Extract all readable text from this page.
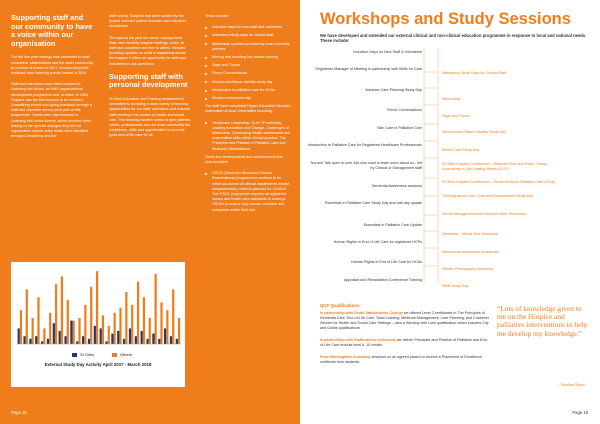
Supporting staff and our community to have a voice within our organisation

Our full five-year strategy was presented to staff, volunteers, stakeholders and the wider community at a series of events in 2017, incorporating their feedback from listening events hosted in 2016.

Staff and volunteers have been involved in Listening into Action, an NHS organisational development programme tool, in which St Giles Hospice was the first hospice to be involved. Crowdfiring events and giving feedback through a staff and volunteer survey were part of this programme. Teams were also involved in Listening into Action events, which involved them asking on the specific changes they felt the organisation should make which were identified through Crowdfiring and the

staff survey. Subjects that were tackled by the project included patient boredom and volunteer recruitment.

Throughout the year the senior management team held monthly hospice briefings, which all staff and volunteers are free to attend. Besides providing updates on what is happening across the hospice it offers an opportunity for staff and volunteers to ask questions.

Supporting staff with personal development

St Giles Education and Training department is committed to providing a wide variety of learning opportunities for our staff, volunteers and external staff working in all sectors of health and social care. This learning weather seeks to give patients, carers, professionals and our local community the confidence, skills and opportunities to promote good end of life care for all.

These include:

Induction days for new staff and volunteers
Mandatory study days for clinical staff
Mentorship updates provided by local university partners
Moving and handling key worker training
Sage and Thyme
Fierce Conversations
Wound care/tissue viability study day
Introduction to palliative care for HCAs
Student enrichment day

Our staff have completed Higher Education Modules undertaken at local Universities including:

Healthcare Leadership, SLAP (Frontline(s) Leading Innovation and Change, Challenges of Mentorship, Developing Health assessment and examination skills within clinical practice, The Principles and Practice of Palliative Care and Research Dissertations.

Some key developments and achievements this year included:

OSCE (Observed Structured Clinical Examinations) programmes continue to be rolled out across all clinical departments except complementary, which is planned for 2018/19. The OSCE programme requires all registered nurses and health care assistants to undergo OSCEs to ensure they remain confident and competent within their role.
St Giles	Others
External Study Day Activity April 2017 - March 2018
Page 18
Workshops and Study Sessions
We have developed and extended our external clinical and non-clinical education programme in response to local and national needs. These include:
Induction Days for New Staff & Volunteers
Registered Manager of Meeting in partnership with Skills for Care
Advance Care Planning Study Day
Fierce Conversations
Skin Care in Palliative Care
Introduction to Palliative Care for Registered Healthcare Professionals
Tea and Talk open to over-16s who want to learn more about us - led by Clinical or Management staff
Dementia Awareness sessions
Essentials in Palliative Care Study Day and half-day update
Essentials in Palliative Care Update
Human Rights in End of Life Care for registered HCPs
Human Rights in End of Life Care for HCAs
Appraisal and Revalidation Conference Training
Mandatory Study Days for Clinical Staff
Mentorship
Sage and Thyme
Wound Care/Tissue Viability Study Day
Mouth Care Study Day
St Giles Hospice Conference – Between Fear and Hope: Facing Uncertainty in Life-Limiting Illness (2017)
St Giles Hospice Conference – Social Media in Palliative Care (2018)
Thinking about Loss, Grief and Bereavement Study Day
Verbal Management and Pressure Ulcer Prevention
Dementia – Virtual Tour Workshop
Menopause awareness workshops
Mindful Photography Workshop
NMB Study Day
QCF Qualifications
In partnership with South Staffordshire College we offered Level 2 certificates in The Principles of Dementia Care; End-of-Life Care; Team Leading; Medicine Management; Care Planning; and Customer Service for Health and Social Care Settings – also a Working with Loss qualification which includes City and Guilds qualifications.
In partnership with Staffordshire University we deliver Principles and Practice of Palliative and End-of-Life Care module level 6, 15 credits.
From Birmingham University sessions on an agreed placed to receive a Placement of Excellence certificate from students.
“Lots of knowledge given to me on the Hospice and palliative interventions to help me develop my knowledge.”
– Student Nurse
Page 19
